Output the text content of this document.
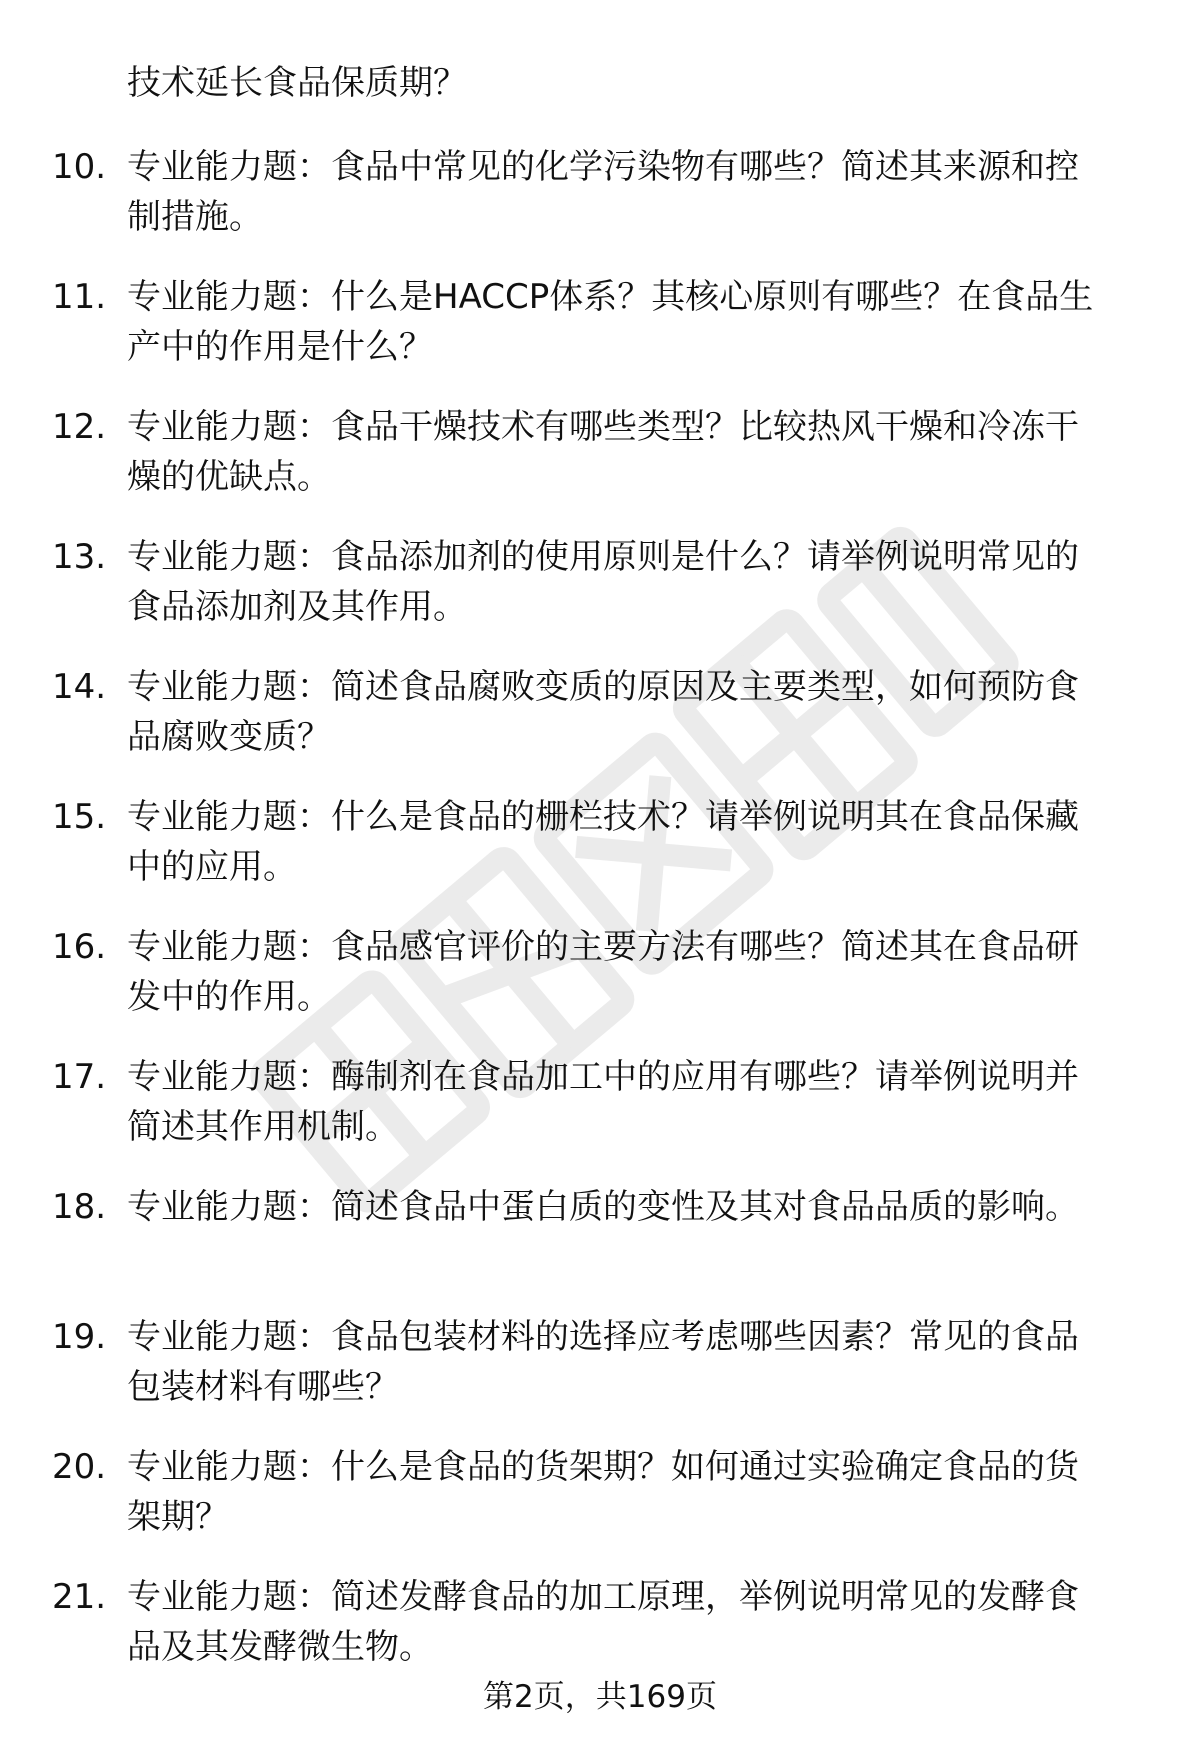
技术延长食品保质期？
10. 专业能力题：食品中常见的化学污染物有哪些？简述其来源和控
制措施。
11. 专业能力题：什么是HACCP体系？其核心原则有哪些？在食品生
产中的作用是什么？
12. 专业能力题：食品干燥技术有哪些类型？比较热风干燥和冷冻干
燥的优缺点。
13. 专业能力题：食品添加剂的使用原则是什么？请举例说明常见的
食品添加剂及其作用。
14. 专业能力题：简述食品腐败变质的原因及主要类型，如何预防食
品腐败变质？
15. 专业能力题：什么是食品的栅栏技术？请举例说明其在食品保藏
中的应用。
16. 专业能力题：食品感官评价的主要方法有哪些？简述其在食品研
发中的作用。
17. 专业能力题：酶制剂在食品加工中的应用有哪些？请举例说明并
简述其作用机制。
18. 专业能力题：简述食品中蛋白质的变性及其对食品品质的影响。
19. 专业能力题：食品包装材料的选择应考虑哪些因素？常见的食品
包装材料有哪些？
20. 专业能力题：什么是食品的货架期？如何通过实验确定食品的货
架期？
21. 专业能力题：简述发酵食品的加工原理，举例说明常见的发酵食
品及其发酵微生物。
第2页，共169页
